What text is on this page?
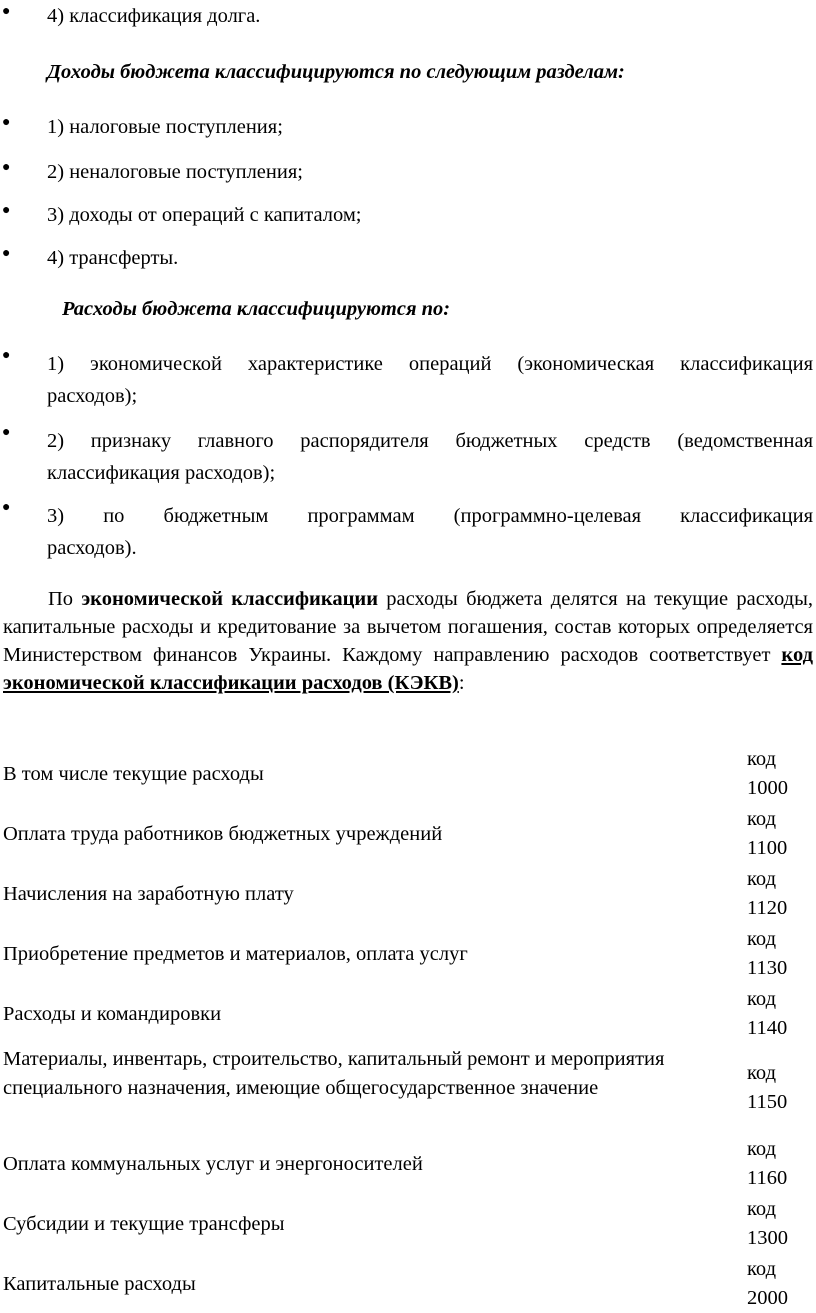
● 4) классификация долга.
Доходы бюджета классифицируются по следующим разделам:
● 1) налоговые поступления;
● 2) неналоговые поступления;
● 3) доходы от операций с капиталом;
● 4) трансферты.
Расходы бюджета классифицируются по:
● 1) экономической характеристике операций (экономическая классификация
расходов);
● 2) признаку главного распорядителя бюджетных средств (ведомственная
классификация расходов);
● 3) по бюджетным программам (программно-целевая классификация
расходов).
По экономической классификации расходы бюджета делятся на текущие расходы, капитальные расходы и кредитование за вычетом погашения, состав которых определяется Министерством финансов Украины. Каждому направлению расходов соответствует код экономической классификации расходов (КЭКВ):
В том числе текущие расходы
код
1000
Оплата труда работников бюджетных учреждений
код
1100
Начисления на заработную плату
код
1120
Приобретение предметов и материалов, оплата услуг
код
1130
Расходы и командировки
код
1140
Материалы, инвентарь, строительство, капитальный ремонт и мероприятия специального назначения, имеющие общегосударственное значение
код
1150
Оплата коммунальных услуг и энергоносителей
код
1160
Субсидии и текущие трансферы
код
1300
Капитальные расходы
код
2000
